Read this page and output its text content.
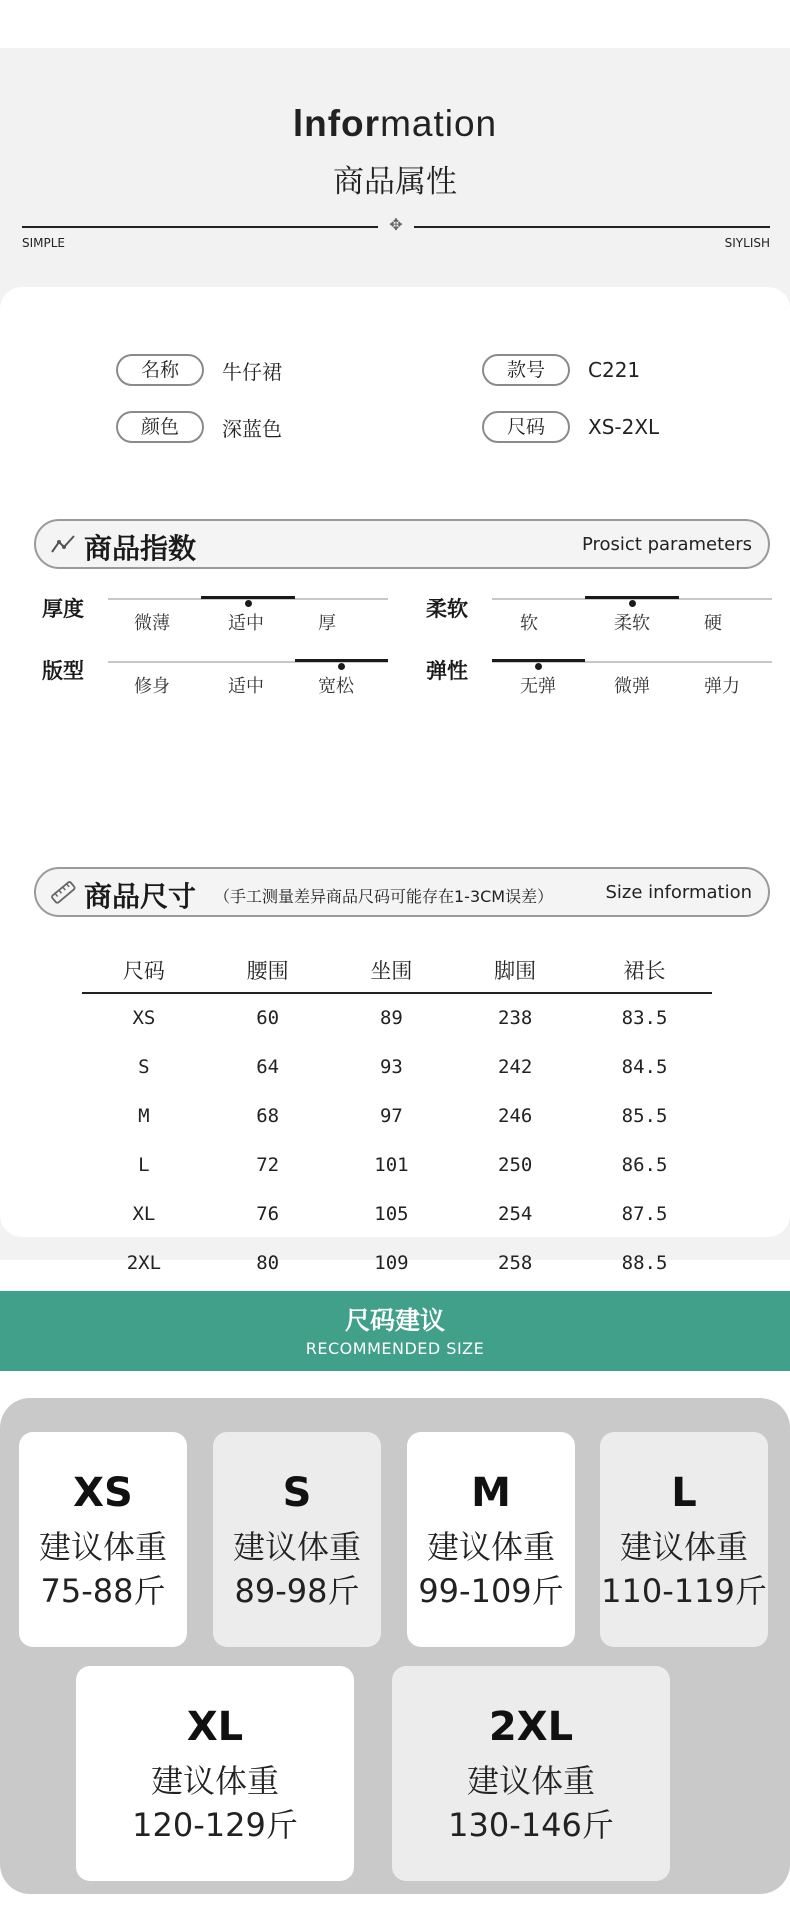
lnformation
商品属性
✥
SIMPLE	SIYLISH
名称	牛仔裙	款号	C221
颜色	深蓝色	尺码	XS-2XL
商品指数	Prosict parameters
厚度
微薄	适中	厚
柔软
软	柔软	硬
版型
修身	适中	宽松
弹性
无弹	微弹	弹力
商品尺寸 （手工测量差异商品尺码可能存在1-3CM误差）	Size information
尺码	腰围	坐围	脚围	裙长
XS	60	89	238	83.5
S	64	93	242	84.5
M	68	97	246	85.5
L	72	101	250	86.5
XL	76	105	254	87.5
2XL	80	109	258	88.5
尺码建议
RECOMMENDED SIZE
XS
建议体重
75-88斤
S
建议体重
89-98斤
M
建议体重
99-109斤
L
建议体重
110-119斤
XL
建议体重
120-129斤
2XL
建议体重
130-146斤
